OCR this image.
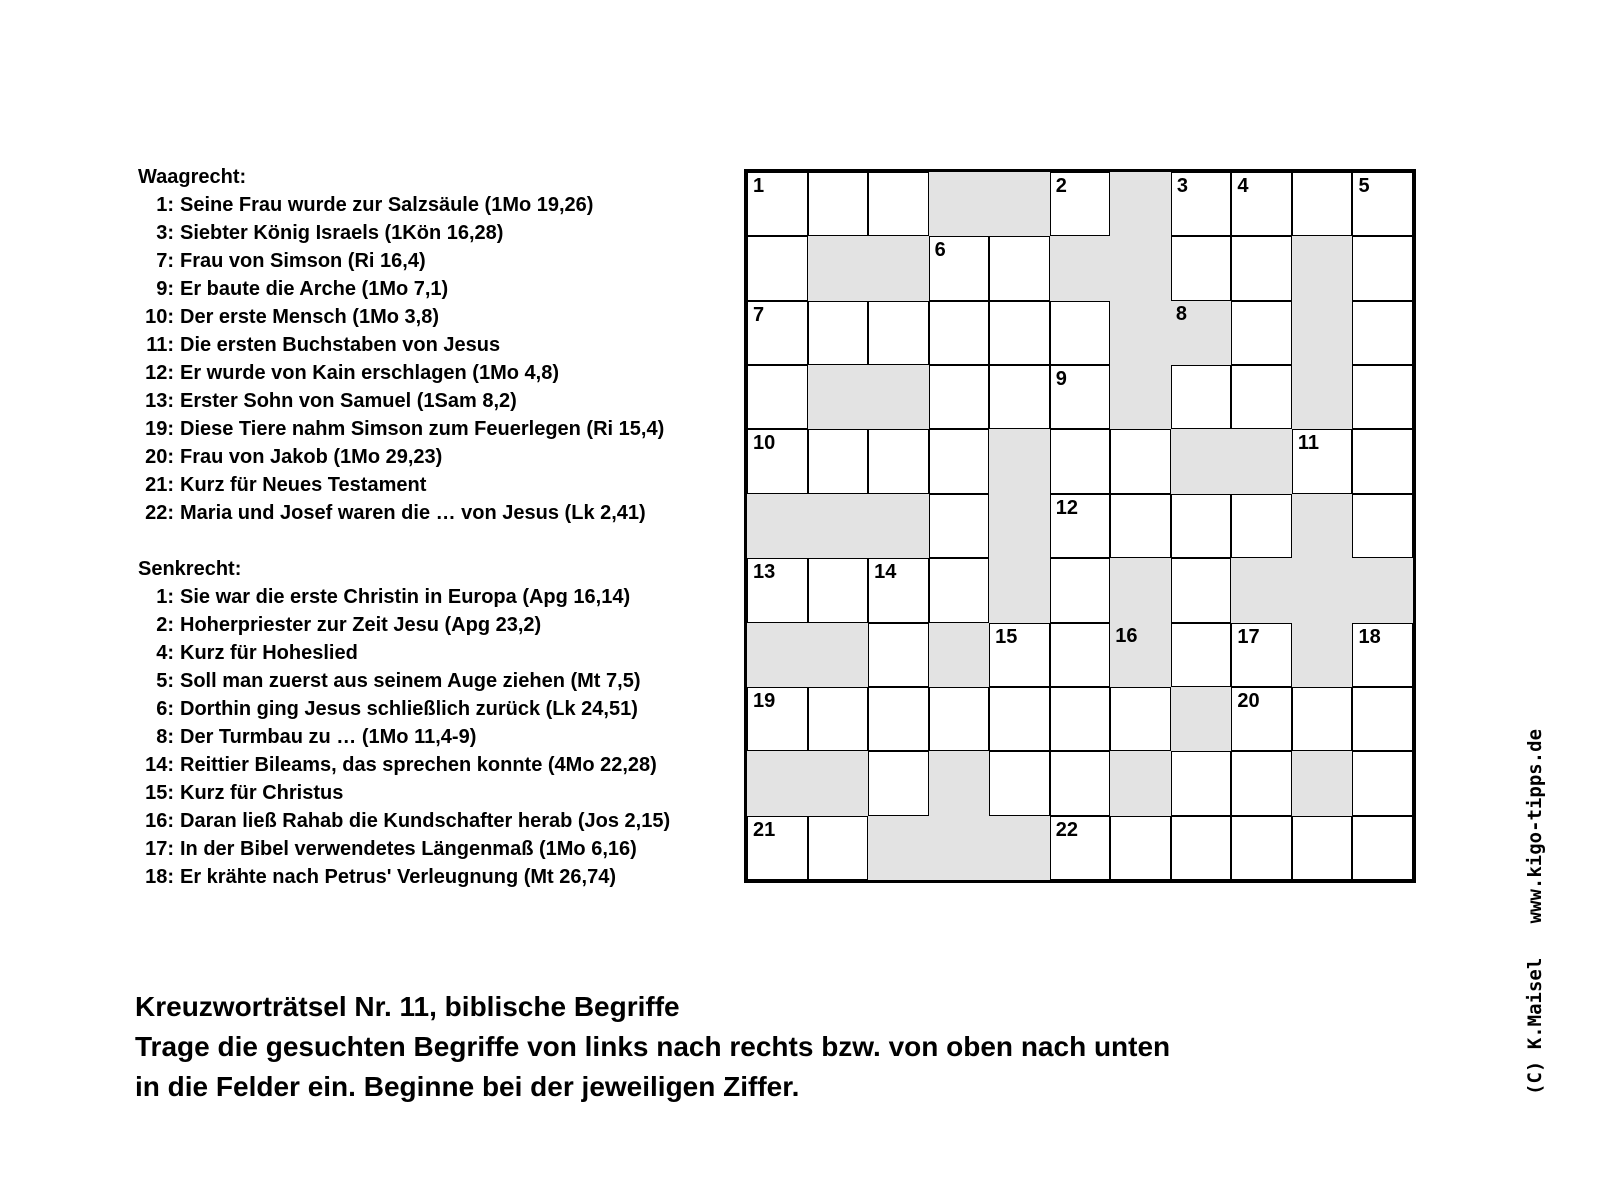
Waagrecht:
1: Seine Frau wurde zur Salzsäule (1Mo 19,26)
3: Siebter König Israels (1Kön 16,28)
7: Frau von Simson (Ri 16,4)
9: Er baute die Arche (1Mo 7,1)
10: Der erste Mensch (1Mo 3,8)
11: Die ersten Buchstaben von Jesus
12: Er wurde von Kain erschlagen (1Mo 4,8)
13: Erster Sohn von Samuel (1Sam 8,2)
19: Diese Tiere nahm Simson zum Feuerlegen (Ri 15,4)
20: Frau von Jakob (1Mo 29,23)
21: Kurz für Neues Testament
22: Maria und Josef waren die … von Jesus (Lk 2,41)
Senkrecht:
1: Sie war die erste Christin in Europa (Apg 16,14)
2: Hoherpriester zur Zeit Jesu (Apg 23,2)
4: Kurz für Hoheslied
5: Soll man zuerst aus seinem Auge ziehen (Mt 7,5)
6: Dorthin ging Jesus schließlich zurück (Lk 24,51)
8: Der Turmbau zu … (1Mo 11,4-9)
14: Reittier Bileams, das sprechen konnte (4Mo 22,28)
15: Kurz für Christus
16: Daran ließ Rahab die Kundschafter herab (Jos 2,15)
17: In der Bibel verwendetes Längenmaß (1Mo 6,16)
18: Er krähte nach Petrus' Verleugnung (Mt 26,74)
1	2	3 4	5
6
7	8
9
10	11
12
13	14
15	16	17	18
19	20
21	22
Kreuzworträtsel Nr. 11, biblische Begriffe
Trage die gesuchten Begriffe von links nach rechts bzw. von oben nach unten
in die Felder ein. Beginne bei der jeweiligen Ziffer.	(C) K.Maisel   www.kigo-tipps.de
